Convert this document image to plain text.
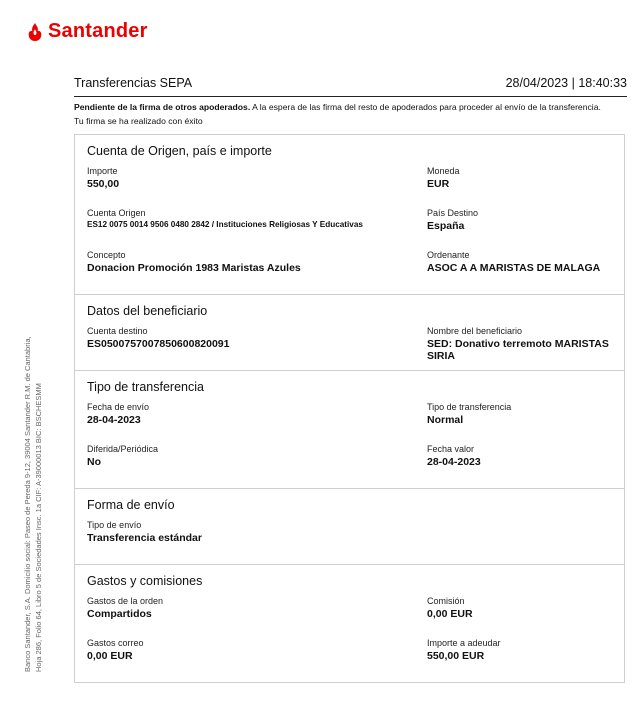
Santander
Banco Santander, S.A. Domicilio social: Paseo de Pereda 9-12, 39004 Santander R.M. de Cantabria, Hoja 286, Folio 64, Libro 5 de Sociedades Insc. 1a CIF: A-39000013 BIC: BSCHESMM
Transferencias SEPA	28/04/2023 | 18:40:33
Pendiente de la firma de otros apoderados. A la espera de las firma del resto de apoderados para proceder al envío de la transferencia.
Tu firma se ha realizado con éxito
Cuenta de Origen, país e importe
Importe
550,00
Moneda
EUR
Cuenta Origen
ES12 0075 0014 9506 0480 2842 / Instituciones Religiosas Y Educativas
País Destino
España
Concepto
Donacion Promoción 1983 Maristas Azules
Ordenante
ASOC A A MARISTAS DE MALAGA
Datos del beneficiario
Cuenta destino
ES0500757007850600820091
Nombre del beneficiario
SED: Donativo terremoto MARISTAS SIRIA
Tipo de transferencia
Fecha de envío
28-04-2023
Tipo de transferencia
Normal
Diferida/Periódica
No
Fecha valor
28-04-2023
Forma de envío
Tipo de envío
Transferencia estándar
Gastos y comisiones
Gastos de la orden
Compartidos
Comisión
0,00 EUR
Gastos correo
0,00 EUR
Importe a adeudar
550,00 EUR
